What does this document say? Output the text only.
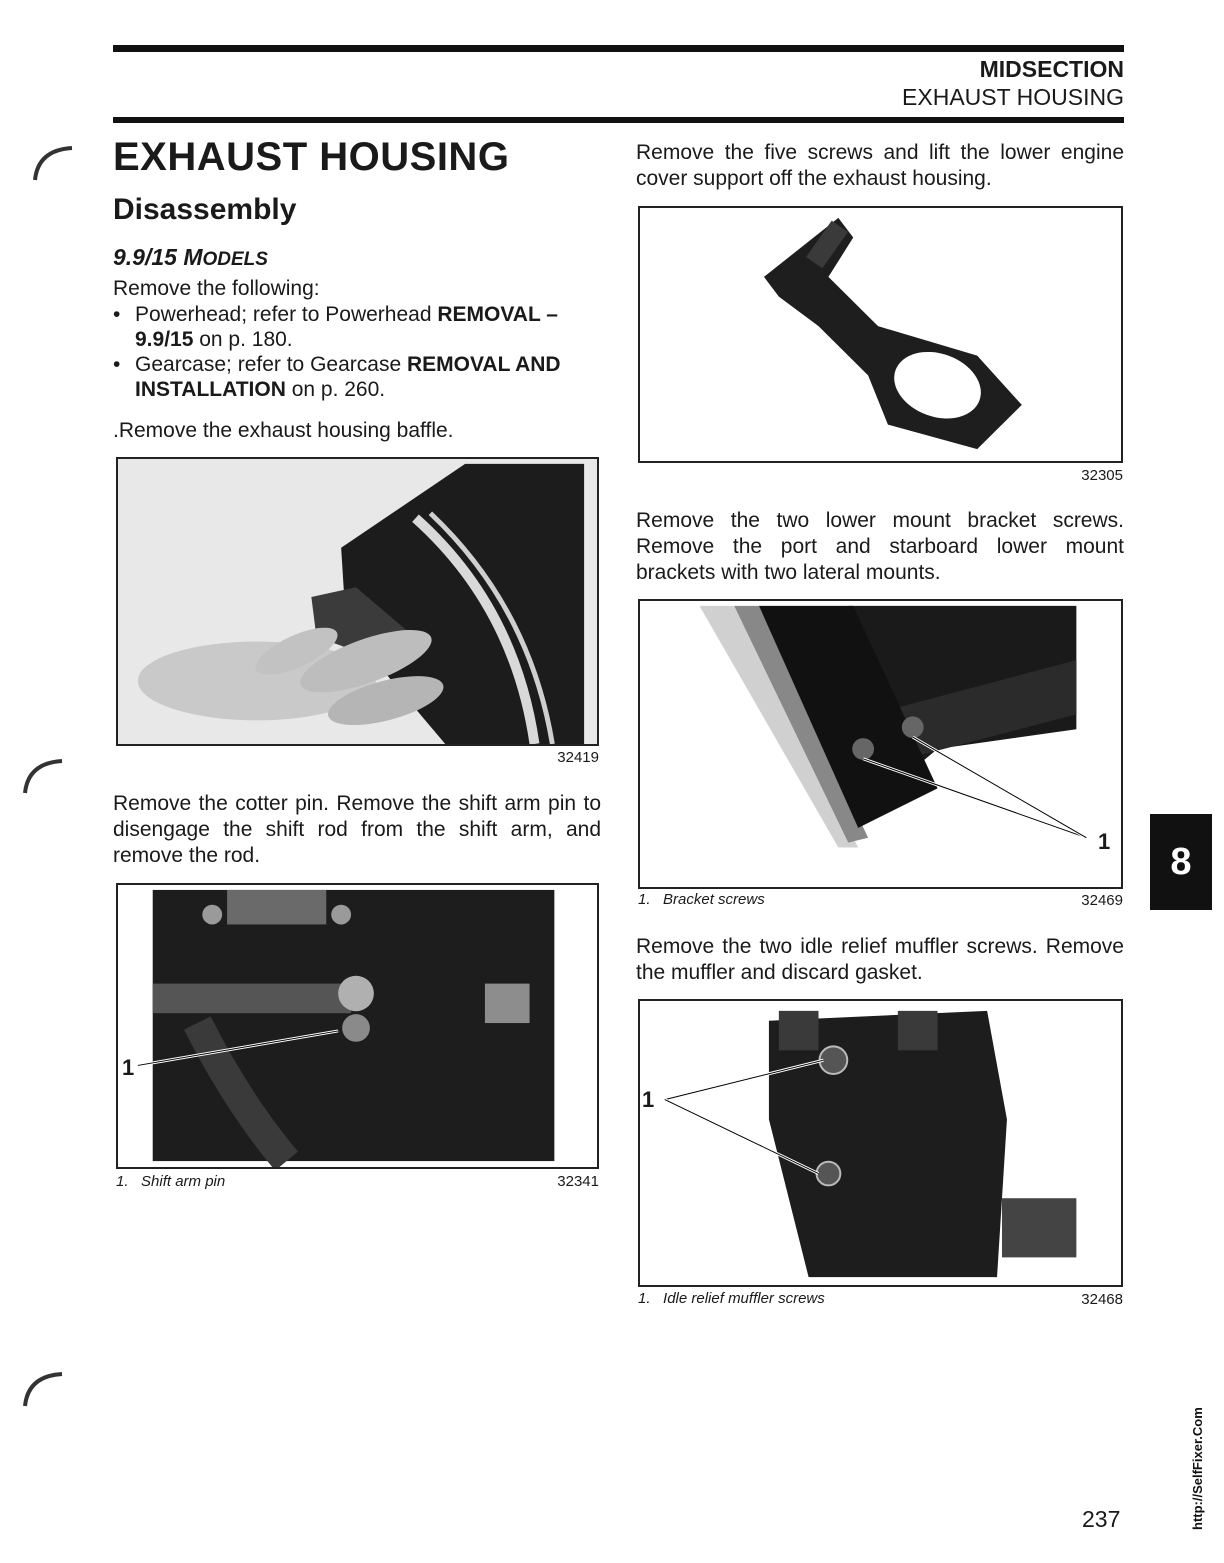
MIDSECTION
EXHAUST HOUSING
EXHAUST HOUSING
Disassembly
9.9/15 MODELS
Remove the following:
• Powerhead; refer to Powerhead REMOVAL –
9.9/15 on p. 180.
• Gearcase; refer to Gearcase REMOVAL AND
INSTALLATION on p. 260.
.Remove the exhaust housing baffle.
32419
Remove the cotter pin. Remove the shift arm pin to disengage the shift rod from the shift arm, and remove the rod.
1
1. Shift arm pin	32341
Remove the five screws and lift the lower engine cover support off the exhaust housing.
32305
Remove the two lower mount bracket screws. Remove the port and starboard lower mount brackets with two lateral mounts.
1
1. Bracket screws	32469
Remove the two idle relief muffler screws. Remove the muffler and discard gasket.
1
1. Idle relief muffler screws	32468
8
http://SelfFixer.Com
237
